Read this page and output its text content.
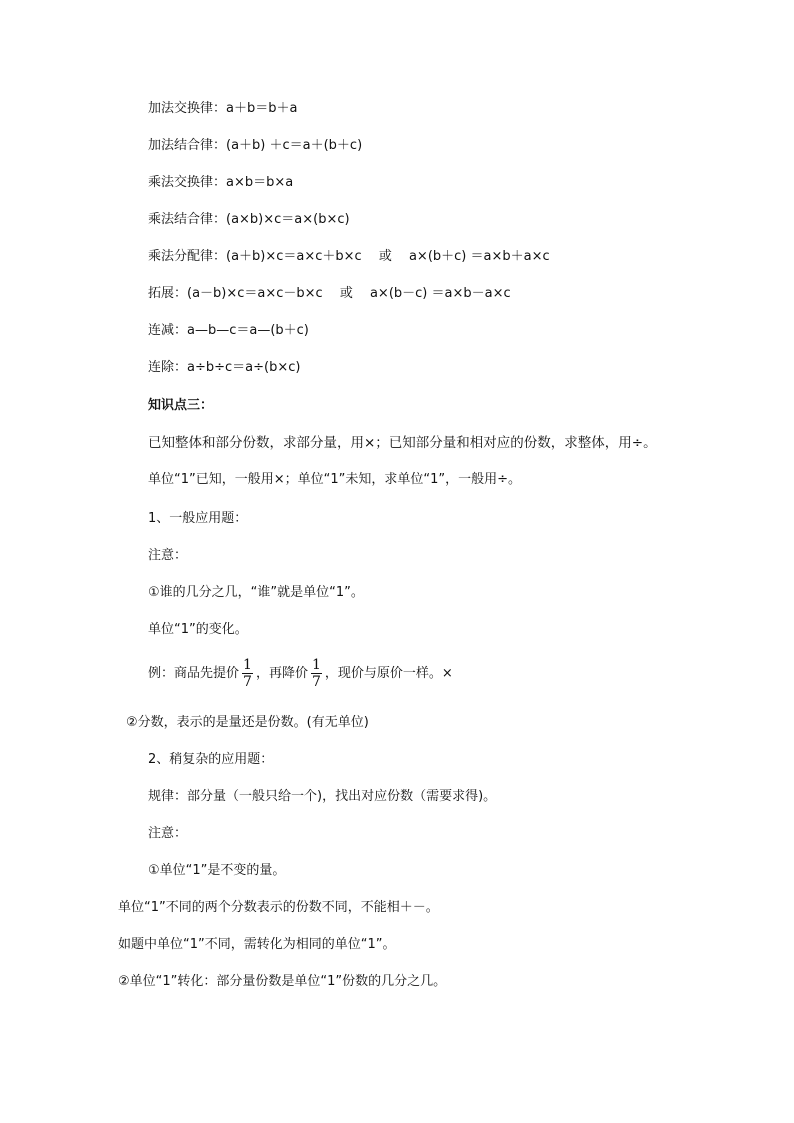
加法交换律：a＋b＝b＋a
加法结合律：(a＋b) ＋c＝a＋(b＋c)
乘法交换律：a×b＝b×a
乘法结合律：(a×b)×c＝a×(b×c)
乘法分配律：(a＋b)×c＝a×c＋b×c　 或　 a×(b＋c) ＝a×b＋a×c
拓展：(a－b)×c＝a×c－b×c　 或　 a×(b－c) ＝a×b－a×c
连减：a—b—c＝a—(b＋c)
连除：a÷b÷c＝a÷(b×c)
知识点三：
已知整体和部分份数，求部分量，用×；已知部分量和相对应的份数，求整体，用÷。
单位“1”已知，一般用×；单位“1”未知，求单位“1”，一般用÷。
1、一般应用题：
注意：
①谁的几分之几，“谁”就是单位“1”。
单位“1”的变化。
例：商品先提价 $\frac{1}{7}$ ，再降价 $\frac{1}{7}$ ，现价与原价一样。×
②分数，表示的是量还是份数。(有无单位)
2、稍复杂的应用题：
规律：部分量（一般只给一个)，找出对应份数（需要求得)。
注意：
①单位“1”是不变的量。
单位“1”不同的两个分数表示的份数不同，不能相＋－。
如题中单位“1”不同，需转化为相同的单位“1”。
②单位“1”转化：部分量份数是单位“1”份数的几分之几。
